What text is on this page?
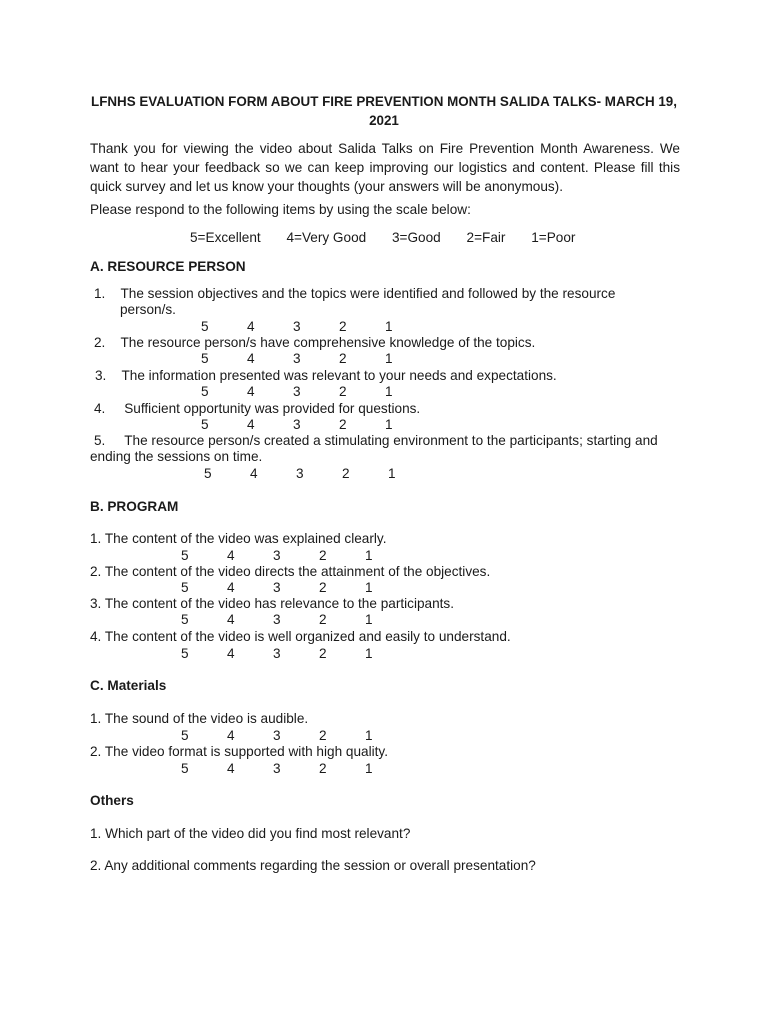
LFNHS EVALUATION FORM ABOUT FIRE PREVENTION MONTH SALIDA TALKS- MARCH 19, 2021

Thank you for viewing the video about Salida Talks on Fire Prevention Month Awareness. We want to hear your feedback so we can keep improving our logistics and content. Please fill this quick survey and let us know your thoughts (your answers will be anonymous).

Please respond to the following items by using the scale below:

5=Excellent 4=Very Good 3=Good 2=Fair 1=Poor

A. RESOURCE PERSON

1. The session objectives and the topics were identified and followed by the resource

person/s.

5	4	3	2	1

2. The resource person/s have comprehensive knowledge of the topics.

5	4	3	2	1

3. The information presented was relevant to your needs and expectations.

5	4	3	2	1

4. Sufficient opportunity was provided for questions.

5	4	3	2	1

5. The resource person/s created a stimulating environment to the participants; starting and

ending the sessions on time.

5	4	3	2	1

B. PROGRAM

1. The content of the video was explained clearly.

5	4	3	2	1

2. The content of the video directs the attainment of the objectives.

5	4	3	2	1

3. The content of the video has relevance to the participants.

5	4	3	2	1

4. The content of the video is well organized and easily to understand.

5	4	3	2	1

C. Materials

1. The sound of the video is audible.

5	4	3	2	1

2. The video format is supported with high quality.

5	4	3	2	1

Others

1. Which part of the video did you find most relevant?

2. Any additional comments regarding the session or overall presentation?
